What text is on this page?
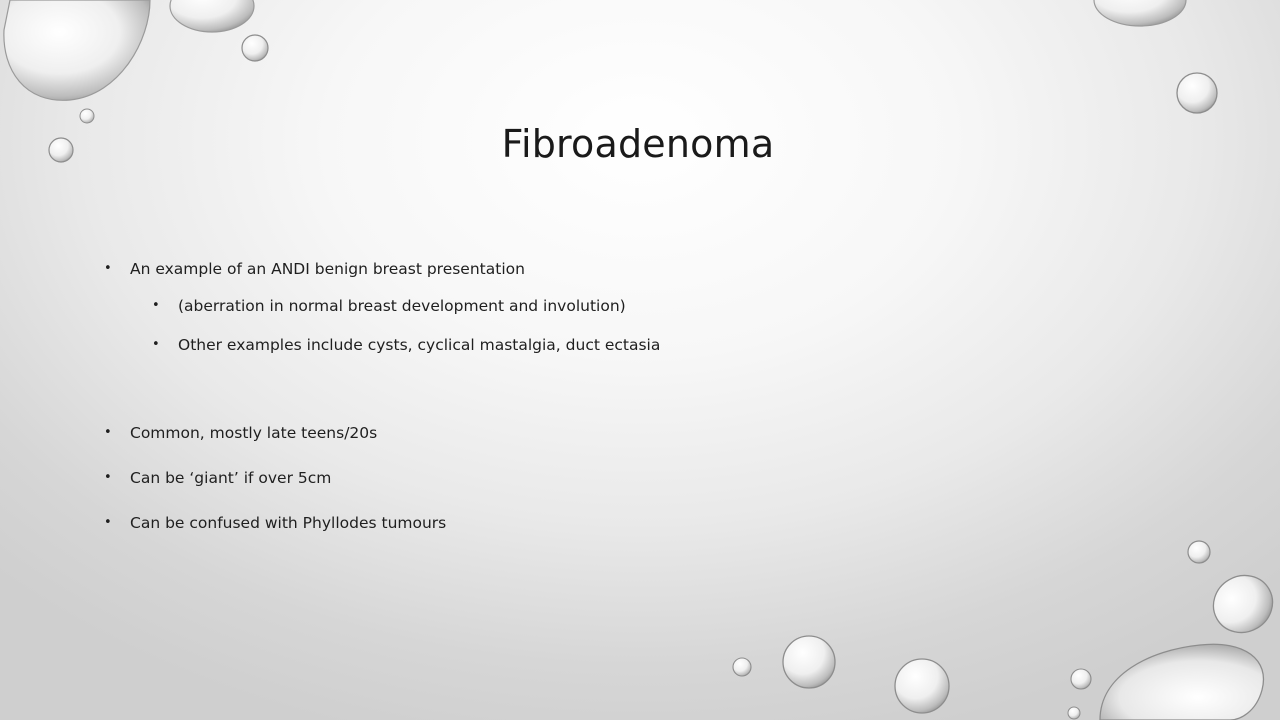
Fibroadenoma
•	An example of an ANDI benign breast presentation
•	(aberration in normal breast development and involution)
•	Other examples include cysts, cyclical mastalgia, duct ectasia
•	Common, mostly late teens/20s
•	Can be ‘giant’ if over 5cm
•	Can be confused with Phyllodes tumours
